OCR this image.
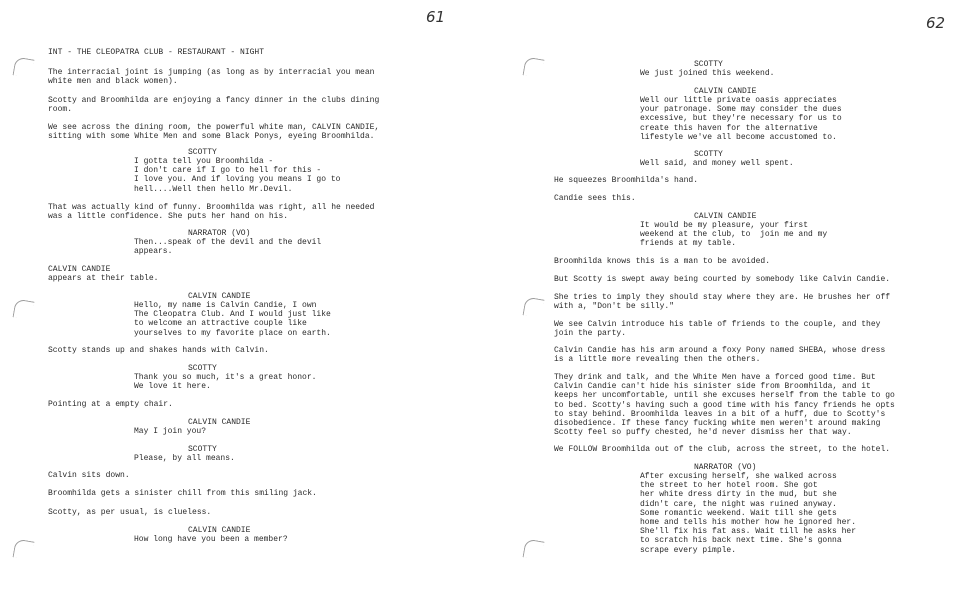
61
INT - THE CLEOPATRA CLUB - RESTAURANT - NIGHT
The interracial joint is jumping (as long as by interracial you mean
white men and black women).
Scotty and Broomhilda are enjoying a fancy dinner in the clubs dining
room.
We see across the dining room, the powerful white man, CALVIN CANDIE,
sitting with some White Men and some Black Ponys, eyeing Broomhilda.
SCOTTY
I gotta tell you Broomhilda -
I don't care if I go to hell for this -
I love you. And if loving you means I go to
hell....Well then hello Mr.Devil.
That was actually kind of funny. Broomhilda was right, all he needed
was a little confidence. She puts her hand on his.
NARRATOR (VO)
Then...speak of the devil and the devil
appears.
CALVIN CANDIE
appears at their table.
CALVIN CANDIE
Hello, my name is Calvin Candie, I own
The Cleopatra Club. And I would just like
to welcome an attractive couple like
yourselves to my favorite place on earth.
Scotty stands up and shakes hands with Calvin.
SCOTTY
Thank you so much, it's a great honor.
We love it here.
Pointing at a empty chair.
CALVIN CANDIE
May I join you?
SCOTTY
Please, by all means.
Calvin sits down.
Broomhilda gets a sinister chill from this smiling jack.
Scotty, as per usual, is clueless.
CALVIN CANDIE
How long have you been a member?
62
SCOTTY
We just joined this weekend.
CALVIN CANDIE
Well our little private oasis appreciates
your patronage. Some may consider the dues
excessive, but they're necessary for us to
create this haven for the alternative
lifestyle we've all become accustomed to.
SCOTTY
Well said, and money well spent.
He squeezes Broomhilda's hand.
Candie sees this.
CALVIN CANDIE
It would be my pleasure, your first
weekend at the club, to  join me and my
friends at my table.
Broomhilda knows this is a man to be avoided.
But Scotty is swept away being courted by somebody like Calvin Candie.
She tries to imply they should stay where they are. He brushes her off
with a, "Don't be silly."
We see Calvin introduce his table of friends to the couple, and they
join the party.
Calvin Candie has his arm around a foxy Pony named SHEBA, whose dress
is a little more revealing then the others.
They drink and talk, and the White Men have a forced good time. But
Calvin Candie can't hide his sinister side from Broomhilda, and it
keeps her uncomfortable, until she excuses herself from the table to go
to bed. Scotty's having such a good time with his fancy friends he opts
to stay behind. Broomhilda leaves in a bit of a huff, due to Scotty's
disobedience. If these fancy fucking white men weren't around making
Scotty feel so puffy chested, he'd never dismiss her that way.
We FOLLOW Broomhilda out of the club, across the street, to the hotel.
NARRATOR (VO)
After excusing herself, she walked across
the street to her hotel room. She got
her white dress dirty in the mud, but she
didn't care, the night was ruined anyway.
Some romantic weekend. Wait till she gets
home and tells his mother how he ignored her.
She'll fix his fat ass. Wait till he asks her
to scratch his back next time. She's gonna
scrape every pimple.
